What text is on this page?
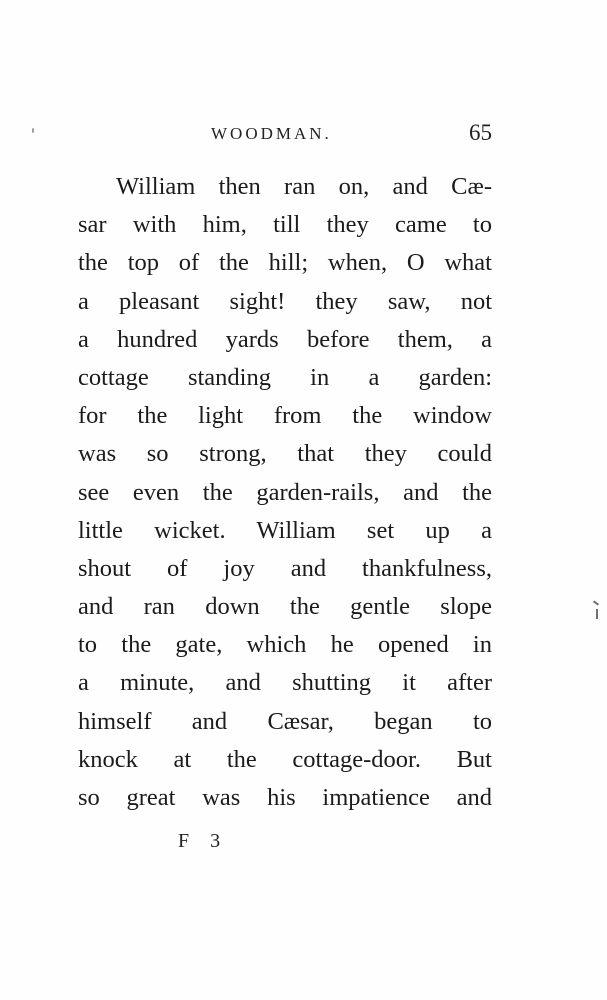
WOODMAN.	65
William then ran on, and Cæ-
sar with him, till they came to
the top of the hill; when, O what
a pleasant sight! they saw, not
a hundred yards before them, a
cottage standing in a garden:
for the light from the window
was so strong, that they could
see even the garden-rails, and the
little wicket. William set up a
shout of joy and thankfulness,
and ran down the gentle slope
to the gate, which he opened in
a minute, and shutting it after
himself and Cæsar, began to
knock at the cottage-door. But
so great was his impatience and
F 3
